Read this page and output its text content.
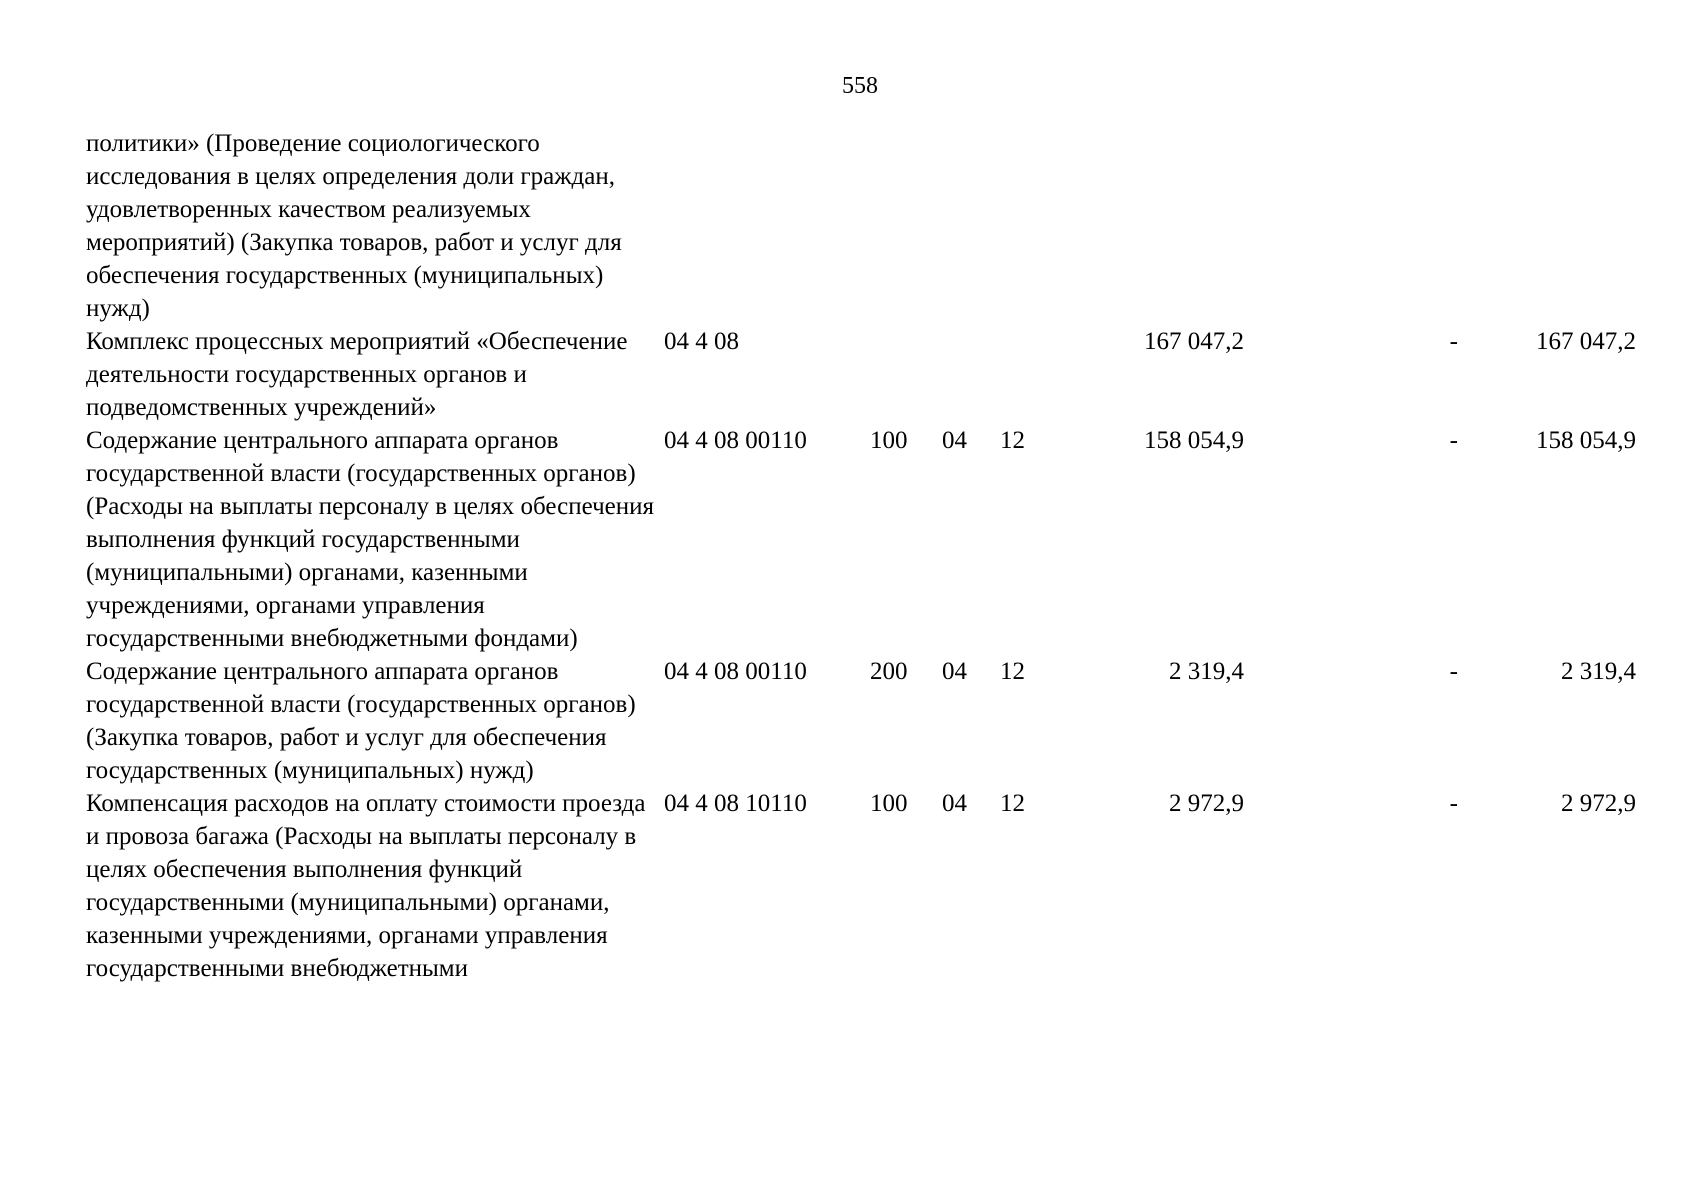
558
политики» (Проведение социологического исследования в целях определения доли граждан, удовлетворенных качеством реализуемых мероприятий) (Закупка товаров, работ и услуг для обеспечения государственных (муниципальных) нужд)							
Комплекс процессных мероприятий «Обеспечение деятельности государственных органов и подведомственных учреждений»	04 4 08				167 047,2	-	167 047,2
Содержание центрального аппарата органов государственной власти (государственных органов) (Расходы на выплаты персоналу в целях обеспечения выполнения функций государственными (муниципальными) органами, казенными учреждениями, органами управления государственными внебюджетными фондами)	04 4 08 00110	100	04	12	158 054,9	-	158 054,9
Содержание центрального аппарата органов государственной власти (государственных органов) (Закупка товаров, работ и услуг для обеспечения государственных (муниципальных) нужд)	04 4 08 00110	200	04	12	2 319,4	-	2 319,4
Компенсация расходов на оплату стоимости проезда и провоза багажа (Расходы на выплаты персоналу в целях обеспечения выполнения функций государственными (муниципальными) органами, казенными учреждениями, органами управления государственными внебюджетными	04 4 08 10110	100	04	12	2 972,9	-	2 972,9
